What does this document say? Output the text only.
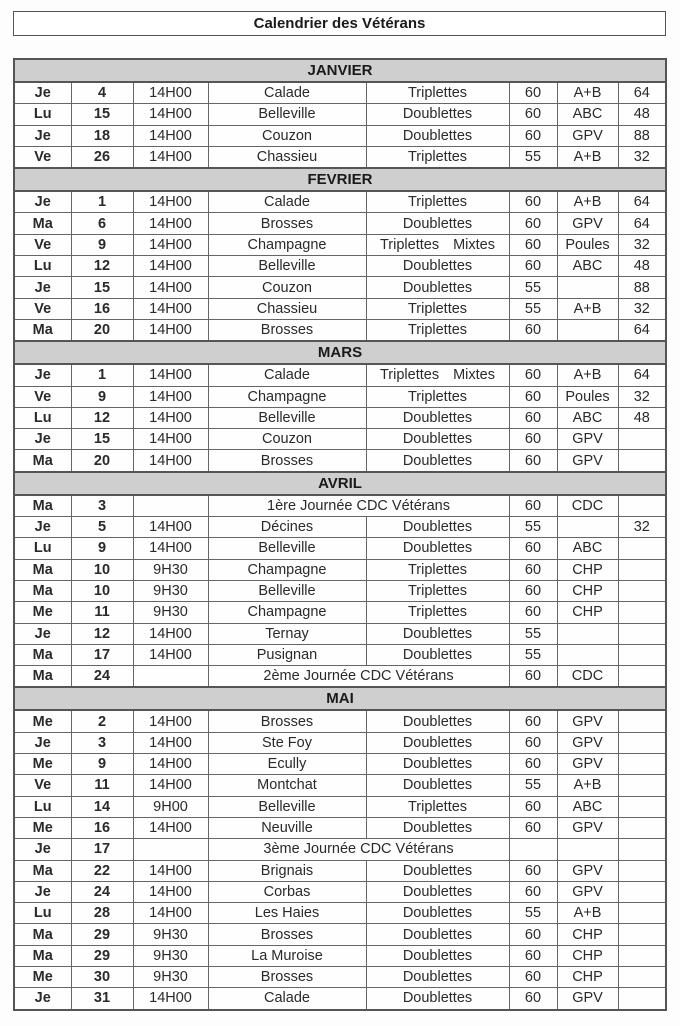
Calendrier des Vétérans
JANVIER							
Je	4	14H00	Calade	Triplettes	60	A+B	64
Lu	15	14H00	Belleville	Doublettes	60	ABC	48
Je	18	14H00	Couzon	Doublettes	60	GPV	88
Ve	26	14H00	Chassieu	Triplettes	55	A+B	32
FEVRIER							
Je	1	14H00	Calade	Triplettes	60	A+B	64
Ma	6	14H00	Brosses	Doublettes	60	GPV	64
Ve	9	14H00	Champagne	Triplettes Mixtes	60	Poules	32
Lu	12	14H00	Belleville	Doublettes	60	ABC	48
Je	15	14H00	Couzon	Doublettes	55		88
Ve	16	14H00	Chassieu	Triplettes	55	A+B	32
Ma	20	14H00	Brosses	Triplettes	60		64
MARS							
Je	1	14H00	Calade	Triplettes Mixtes	60	A+B	64
Ve	9	14H00	Champagne	Triplettes	60	Poules	32
Lu	12	14H00	Belleville	Doublettes	60	ABC	48
Je	15	14H00	Couzon	Doublettes	60	GPV	
Ma	20	14H00	Brosses	Doublettes	60	GPV	
AVRIL							
Ma	3		1ère Journée CDC Vétérans		60	CDC	
Je	5	14H00	Décines	Doublettes	55		32
Lu	9	14H00	Belleville	Doublettes	60	ABC	
Ma	10	9H30	Champagne	Triplettes	60	CHP	
Ma	10	9H30	Belleville	Triplettes	60	CHP	
Me	11	9H30	Champagne	Triplettes	60	CHP	
Je	12	14H00	Ternay	Doublettes	55		
Ma	17	14H00	Pusignan	Doublettes	55		
Ma	24		2ème Journée CDC Vétérans		60	CDC	
MAI							
Me	2	14H00	Brosses	Doublettes	60	GPV	
Je	3	14H00	Ste Foy	Doublettes	60	GPV	
Me	9	14H00	Ecully	Doublettes	60	GPV	
Ve	11	14H00	Montchat	Doublettes	55	A+B	
Lu	14	9H00	Belleville	Triplettes	60	ABC	
Me	16	14H00	Neuville	Doublettes	60	GPV	
Je	17		3ème Journée CDC Vétérans				
Ma	22	14H00	Brignais	Doublettes	60	GPV	
Je	24	14H00	Corbas	Doublettes	60	GPV	
Lu	28	14H00	Les Haies	Doublettes	55	A+B	
Ma	29	9H30	Brosses	Doublettes	60	CHP	
Ma	29	9H30	La Muroise	Doublettes	60	CHP	
Me	30	9H30	Brosses	Doublettes	60	CHP	
Je	31	14H00	Calade	Doublettes	60	GPV	
